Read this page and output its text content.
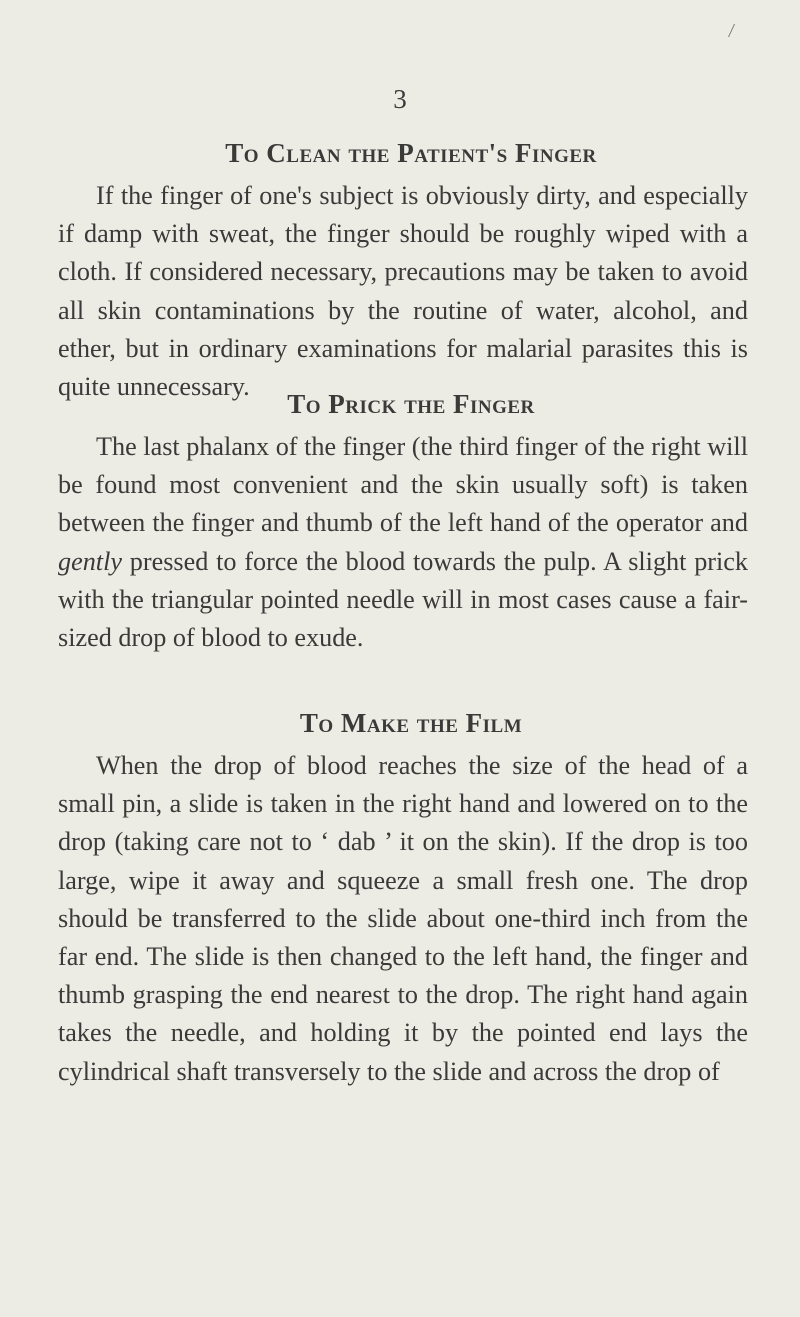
3
To Clean the Patient's Finger

If the finger of one's subject is obviously dirty, and especially if damp with sweat, the finger should be roughly wiped with a cloth. If considered necessary, precautions may be taken to avoid all skin contaminations by the routine of water, alcohol, and ether, but in ordinary examinations for malarial parasites this is quite unnecessary.

To Prick the Finger

The last phalanx of the finger (the third finger of the right will be found most convenient and the skin usually soft) is taken between the finger and thumb of the left hand of the operator and gently pressed to force the blood towards the pulp. A slight prick with the triangular pointed needle will in most cases cause a fair-sized drop of blood to exude.

To Make the Film

When the drop of blood reaches the size of the head of a small pin, a slide is taken in the right hand and lowered on to the drop (taking care not to ‘ dab ’ it on the skin). If the drop is too large, wipe it away and squeeze a small fresh one. The drop should be transferred to the slide about one-third inch from the far end. The slide is then changed to the left hand, the finger and thumb grasping the end nearest to the drop. The right hand again takes the needle, and holding it by the pointed end lays the cylindrical shaft transversely to the slide and across the drop of
